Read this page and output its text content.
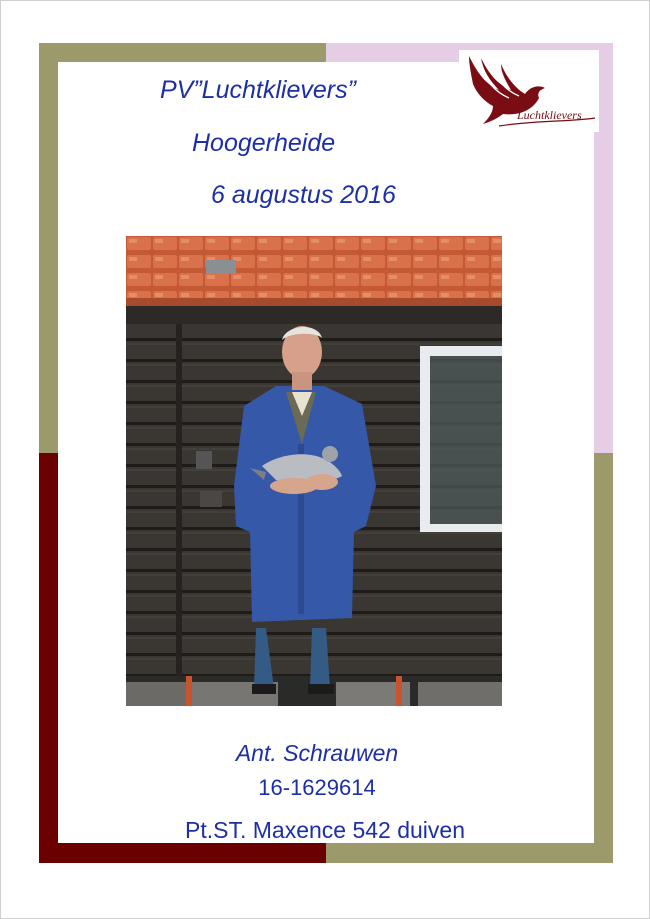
PV”Luchtklievers”
Hoogerheide
6 augustus 2016
Luchtklievers
Ant. Schrauwen
16-1629614
Pt.ST. Maxence 542 duiven
